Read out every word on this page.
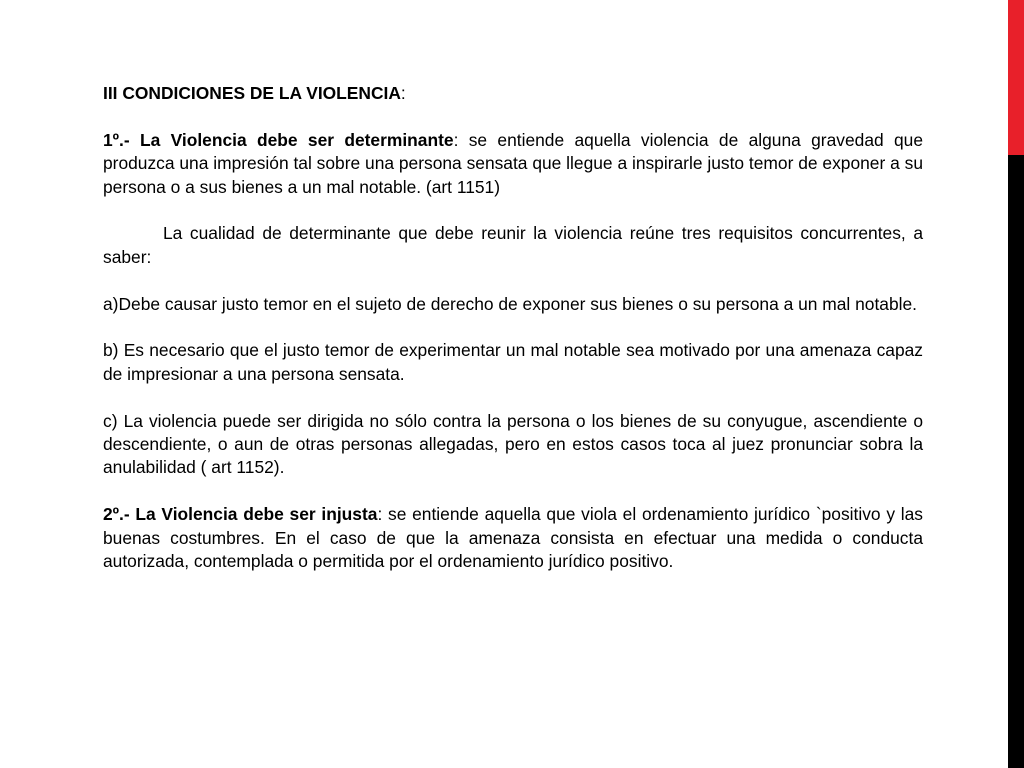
III CONDICIONES DE LA VIOLENCIA:

1º.- La Violencia debe ser determinante: se entiende aquella violencia de alguna gravedad que produzca una impresión tal sobre una persona sensata que llegue a inspirarle justo temor de exponer a su persona o a sus bienes a un mal notable. (art 1151)

La cualidad de determinante que debe reunir la violencia reúne tres requisitos concurrentes, a saber:

a)Debe causar justo temor en el sujeto de derecho de exponer sus bienes o su persona a un mal notable.

b) Es necesario que el justo temor de experimentar un mal notable sea motivado por una amenaza capaz de impresionar a una persona sensata.

c) La violencia puede ser dirigida no sólo contra la persona o los bienes de su conyugue, ascendiente o descendiente, o aun de otras personas allegadas, pero en estos casos toca al juez pronunciar sobra la anulabilidad ( art 1152).

2º.- La Violencia debe ser injusta: se entiende aquella que viola el ordenamiento jurídico `positivo y las buenas costumbres. En el caso de que la amenaza consista en efectuar una medida o conducta autorizada, contemplada o permitida por el ordenamiento jurídico positivo.
